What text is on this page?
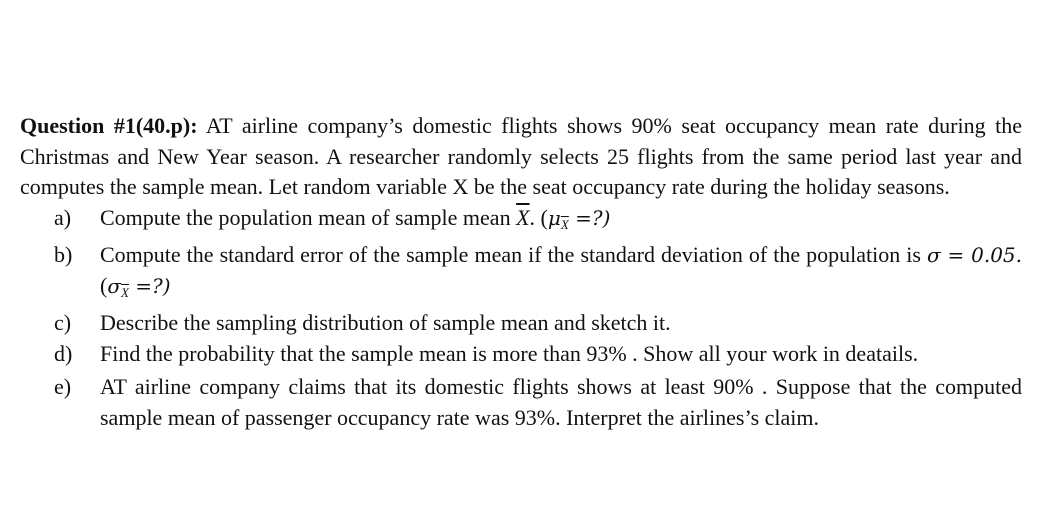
Question #1(40.p): AT airline company’s domestic flights shows 90% seat occupancy mean rate during the Christmas and New Year season. A researcher randomly selects 25 flights from the same period last year and computes the sample mean. Let random variable X be the seat occupancy rate during the holiday seasons.
a) Compute the population mean of sample mean $\overline{X}$. ($\mu_{\overline{X}}$ =?)
b) Compute the standard error of the sample mean if the standard deviation of the population is σ = 0.05. ($\sigma_{\overline{X}}$ =?)
c) Describe the sampling distribution of sample mean and sketch it.
d) Find the probability that the sample mean is more than 93% . Show all your work in deatails.
e) AT airline company claims that its domestic flights shows at least 90% . Suppose that the computed sample mean of passenger occupancy rate was 93%. Interpret the airlines’s claim.
